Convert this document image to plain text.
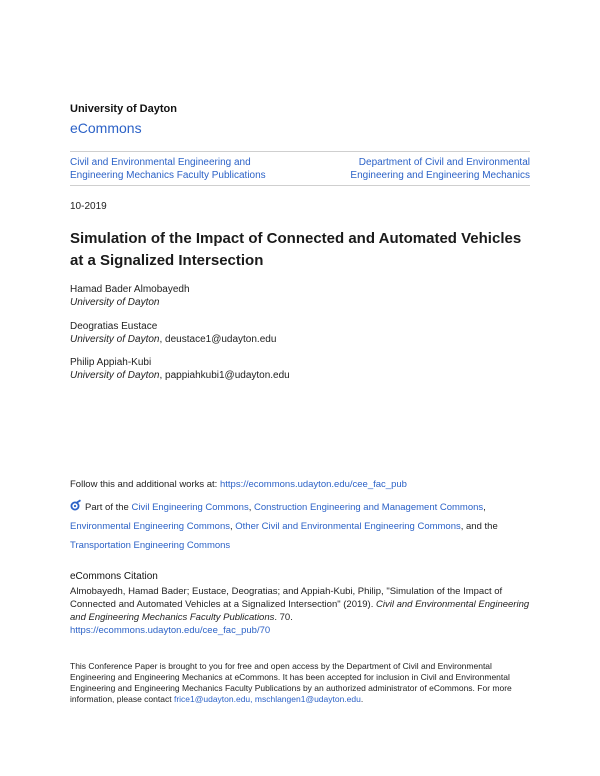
University of Dayton
eCommons
Civil and Environmental Engineering and Engineering Mechanics Faculty Publications
Department of Civil and Environmental Engineering and Engineering Mechanics
10-2019
Simulation of the Impact of Connected and Automated Vehicles at a Signalized Intersection
Hamad Bader Almobayedh
University of Dayton
Deogratias Eustace
University of Dayton, deustace1@udayton.edu
Philip Appiah-Kubi
University of Dayton, pappiahkubi1@udayton.edu
Follow this and additional works at: https://ecommons.udayton.edu/cee_fac_pub
Part of the Civil Engineering Commons, Construction Engineering and Management Commons, Environmental Engineering Commons, Other Civil and Environmental Engineering Commons, and the
Transportation Engineering Commons
eCommons Citation
Almobayedh, Hamad Bader; Eustace, Deogratias; and Appiah-Kubi, Philip, "Simulation of the Impact of Connected and Automated Vehicles at a Signalized Intersection" (2019). Civil and Environmental Engineering and Engineering Mechanics Faculty Publications. 70.
https://ecommons.udayton.edu/cee_fac_pub/70
This Conference Paper is brought to you for free and open access by the Department of Civil and Environmental Engineering and Engineering Mechanics at eCommons. It has been accepted for inclusion in Civil and Environmental Engineering and Engineering Mechanics Faculty Publications by an authorized administrator of eCommons. For more information, please contact frice1@udayton.edu, mschlangen1@udayton.edu.
